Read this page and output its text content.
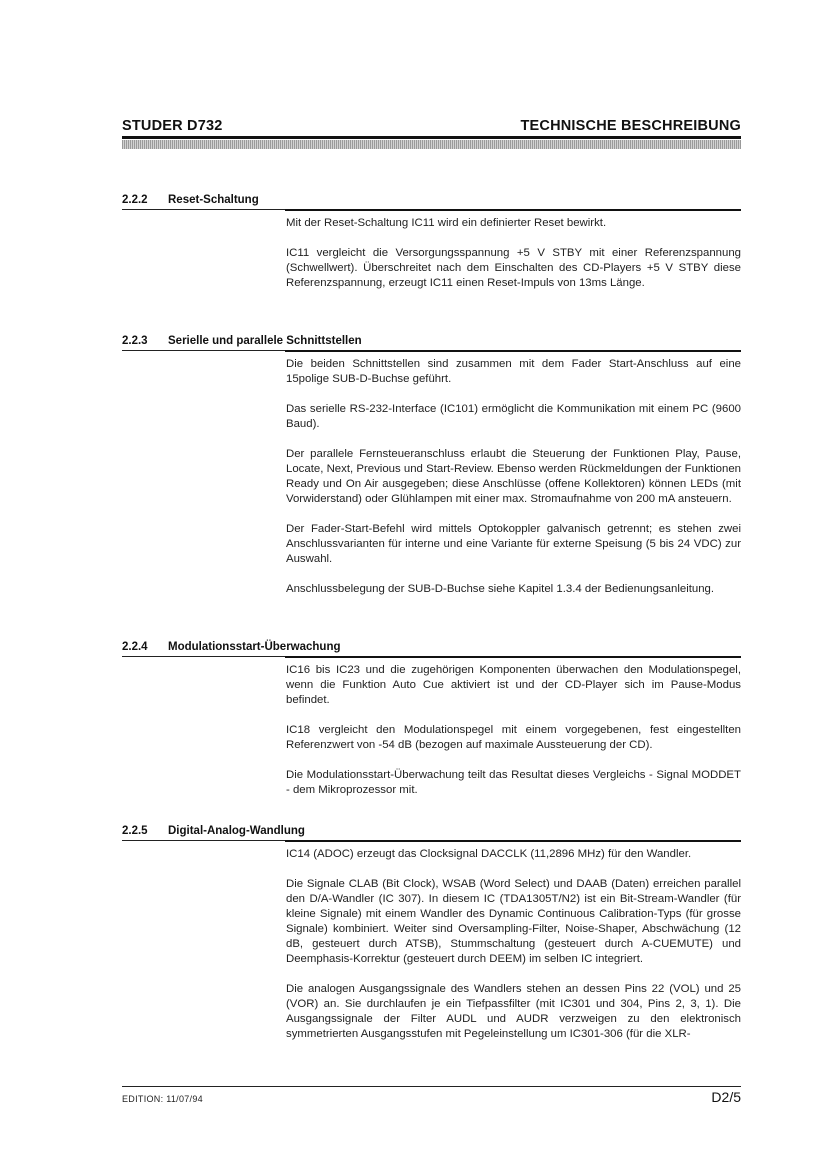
STUDER D732	TECHNISCHE BESCHREIBUNG
2.2.2 Reset-Schaltung

Mit der Reset-Schaltung IC11 wird ein definierter Reset bewirkt.

IC11 vergleicht die Versorgungsspannung +5 V STBY mit einer Referenzspannung (Schwellwert). Überschreitet nach dem Einschalten des CD-Players +5 V STBY diese Referenzspannung, erzeugt IC11 einen Reset-Impuls von 13ms Länge.

2.2.3 Serielle und parallele Schnittstellen

Die beiden Schnittstellen sind zusammen mit dem Fader Start-Anschluss auf eine 15polige SUB-D-Buchse geführt.

Das serielle RS-232-Interface (IC101) ermöglicht die Kommunikation mit einem PC (9600 Baud).

Der parallele Fernsteueranschluss erlaubt die Steuerung der Funktionen Play, Pause, Locate, Next, Previous und Start-Review. Ebenso werden Rückmeldungen der Funktionen Ready und On Air ausgegeben; diese Anschlüsse (offene Kollektoren) können LEDs (mit Vorwiderstand) oder Glühlampen mit einer max. Stromaufnahme von 200 mA ansteuern.

Der Fader-Start-Befehl wird mittels Optokoppler galvanisch getrennt; es stehen zwei Anschlussvarianten für interne und eine Variante für externe Speisung (5 bis 24 VDC) zur Auswahl.

Anschlussbelegung der SUB-D-Buchse siehe Kapitel 1.3.4 der Bedienungsanleitung.

2.2.4 Modulationsstart-Überwachung

IC16 bis IC23 und die zugehörigen Komponenten überwachen den Modulationspegel, wenn die Funktion Auto Cue aktiviert ist und der CD-Player sich im Pause-Modus befindet.

IC18 vergleicht den Modulationspegel mit einem vorgegebenen, fest eingestellten Referenzwert von -54 dB (bezogen auf maximale Aussteuerung der CD).

Die Modulationsstart-Überwachung teilt das Resultat dieses Vergleichs - Signal MODDET - dem Mikroprozessor mit.

2.2.5 Digital-Analog-Wandlung

IC14 (ADOC) erzeugt das Clocksignal DACCLK (11,2896 MHz) für den Wandler.

Die Signale CLAB (Bit Clock), WSAB (Word Select) und DAAB (Daten) erreichen parallel den D/A-Wandler (IC 307). In diesem IC (TDA1305T/N2) ist ein Bit-Stream-Wandler (für kleine Signale) mit einem Wandler des Dynamic Continuous Calibration-Typs (für grosse Signale) kombiniert. Weiter sind Oversampling-Filter, Noise-Shaper, Abschwächung (12 dB, gesteuert durch ATSB), Stummschaltung (gesteuert durch A-CUEMUTE) und Deemphasis-Korrektur (gesteuert durch DEEM) im selben IC integriert.

Die analogen Ausgangssignale des Wandlers stehen an dessen Pins 22 (VOL) und 25 (VOR) an. Sie durchlaufen je ein Tiefpassfilter (mit IC301 und 304, Pins 2, 3, 1). Die Ausgangssignale der Filter AUDL und AUDR verzweigen zu den elektronisch symmetrierten Ausgangsstufen mit Pegeleinstellung um IC301-306 (für die XLR-

EDITION: 11/07/94	D2/5
